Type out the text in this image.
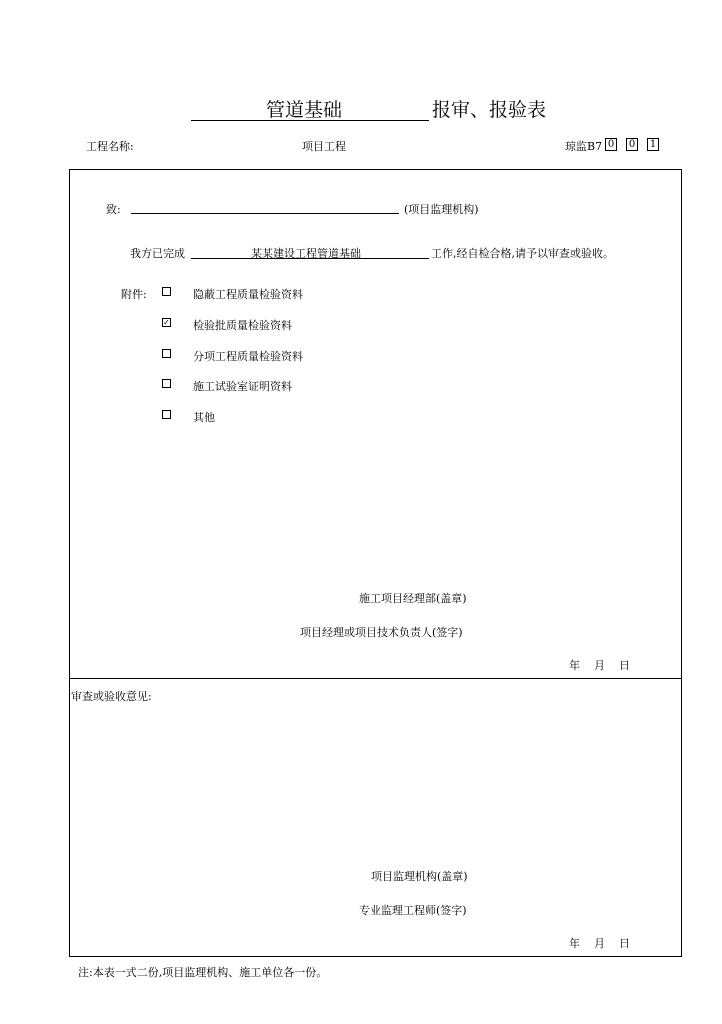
管道基础	报审、报验表
工程名称:	项目工程	琼监B7 0 0 1
致:	(项目监理机构)
我方已完成	某某建设工程管道基础	工作,经自检合格,请予以审查或验收。
附件:	隐蔽工程质量检验资料
✓ 检验批质量检验资料
分项工程质量检验资料
施工试验室证明资料
其他
施工项目经理部(盖章)
项目经理或项目技术负责人(签字)
年 月 日
审查或验收意见:
项目监理机构(盖章)
专业监理工程师(签字)
年 月 日
注:本表一式二份,项目监理机构、施工单位各一份。
